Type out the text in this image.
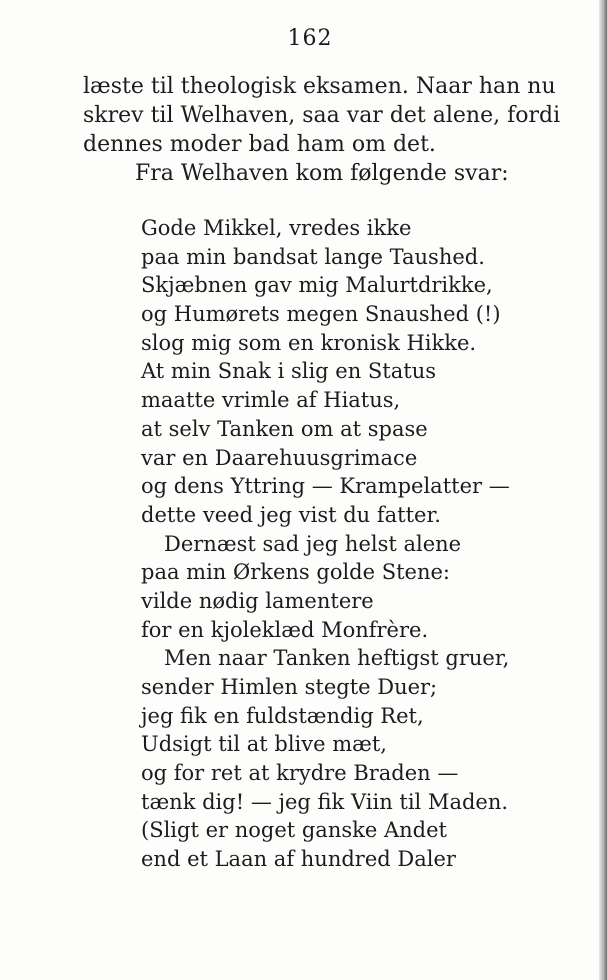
162
læste til theologisk eksamen. Naar han nu
skrev til Welhaven, saa var det alene, fordi
dennes moder bad ham om det.
Fra Welhaven kom følgende svar:
Gode Mikkel, vredes ikke
paa min bandsat lange Taushed.
Skjæbnen gav mig Malurtdrikke,
og Humørets megen Snaushed (!)
slog mig som en kronisk Hikke.
At min Snak i slig en Status
maatte vrimle af Hiatus,
at selv Tanken om at spase
var en Daarehuusgrimace
og dens Yttring — Krampelatter —
dette veed jeg vist du fatter.
Dernæst sad jeg helst alene
paa min Ørkens golde Stene:
vilde nødig lamentere
for en kjoleklæd Monfrère.
Men naar Tanken heftigst gruer,
sender Himlen stegte Duer;
jeg fik en fuldstændig Ret,
Udsigt til at blive mæt,
og for ret at krydre Braden —
tænk dig! — jeg fik Viin til Maden.
(Sligt er noget ganske Andet
end et Laan af hundred Daler
